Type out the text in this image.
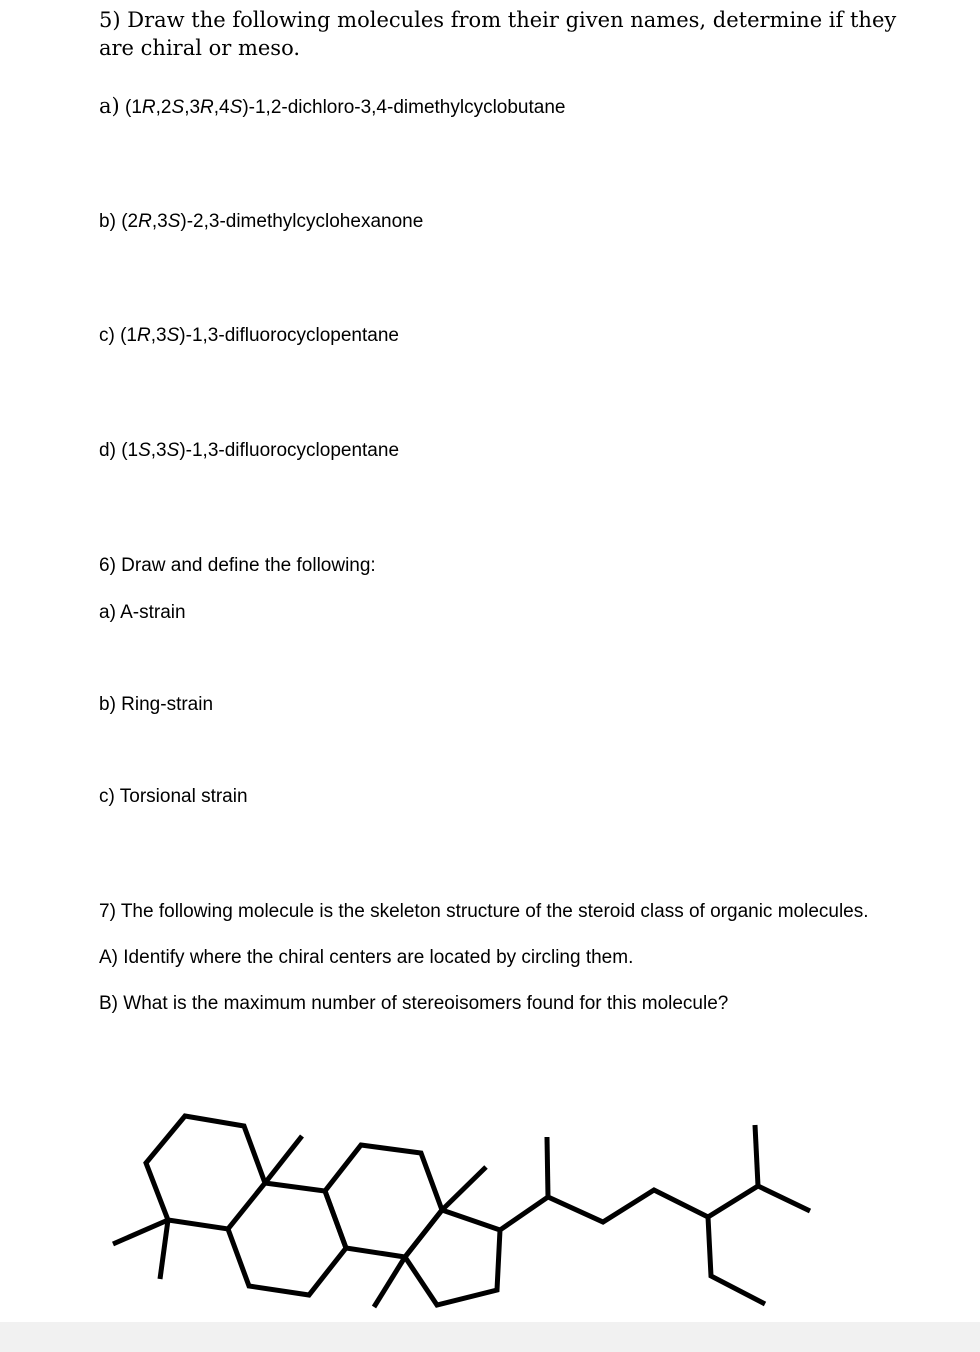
5) Draw the following molecules from their given names, determine if they are chiral or meso.
a) (1R,2S,3R,4S)-1,2-dichloro-3,4-dimethylcyclobutane
b) (2R,3S)-2,3-dimethylcyclohexanone
c) (1R,3S)-1,3-difluorocyclopentane
d) (1S,3S)-1,3-difluorocyclopentane
6) Draw and define the following:
a) A-strain
b) Ring-strain
c) Torsional strain
7) The following molecule is the skeleton structure of the steroid class of organic molecules.
A) Identify where the chiral centers are located by circling them.
B) What is the maximum number of stereoisomers found for this molecule?
